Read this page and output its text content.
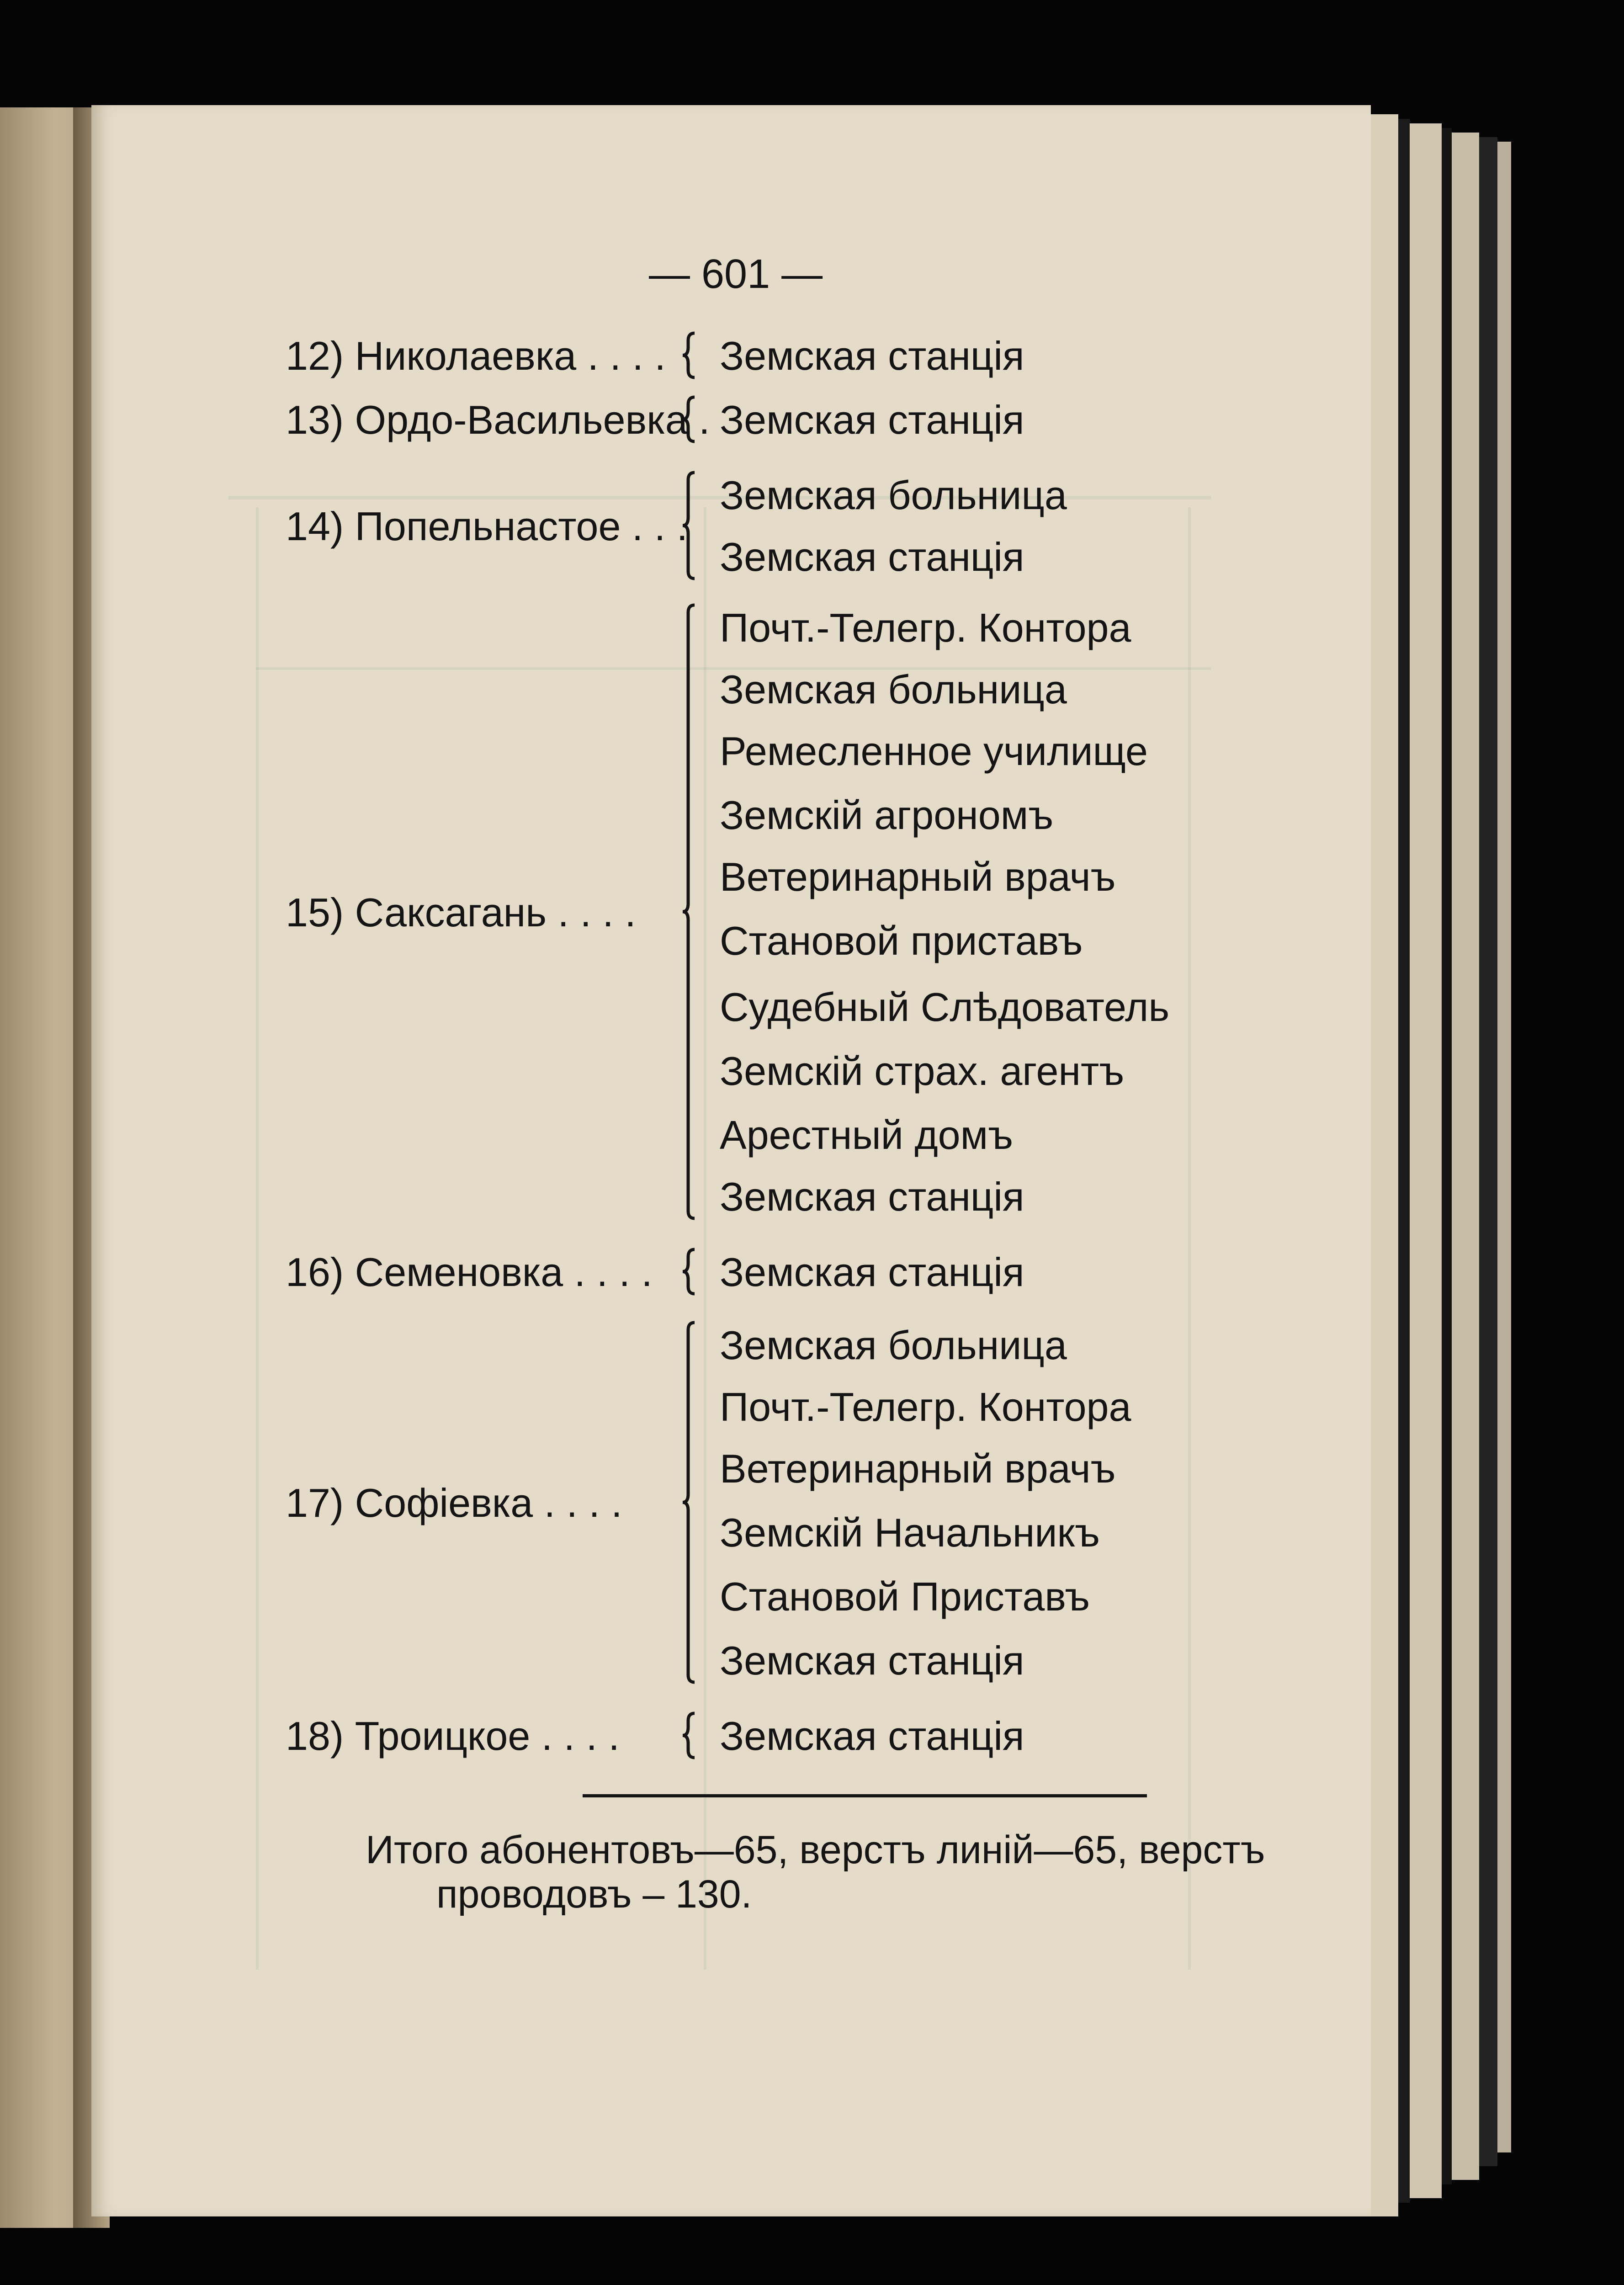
— 601 —
12) Николаевка . . . . Земская станція
13) Ордо-Васильевка . Земская станція
14) Попельнастое . . .
Земская больница
Земская станція
15) Саксагань . . . .
Почт.-Телегр. Контора
Земская больница
Ремесленное училище
Земскій агрономъ
Ветеринарный врачъ
Становой приставъ
Судебный Слѣдователь
Земскій страх. агентъ
Арестный домъ
Земская станція
16) Семеновка . . . . Земская станція
17) Софіевка . . . .
Земская больница
Почт.-Телегр. Контора
Ветеринарный врачъ
Земскій Начальникъ
Становой Приставъ
Земская станція
18) Троицкое . . . . Земская станція
Итого абонентовъ—65, верстъ линій—65, верстъ
проводовъ – 130.
